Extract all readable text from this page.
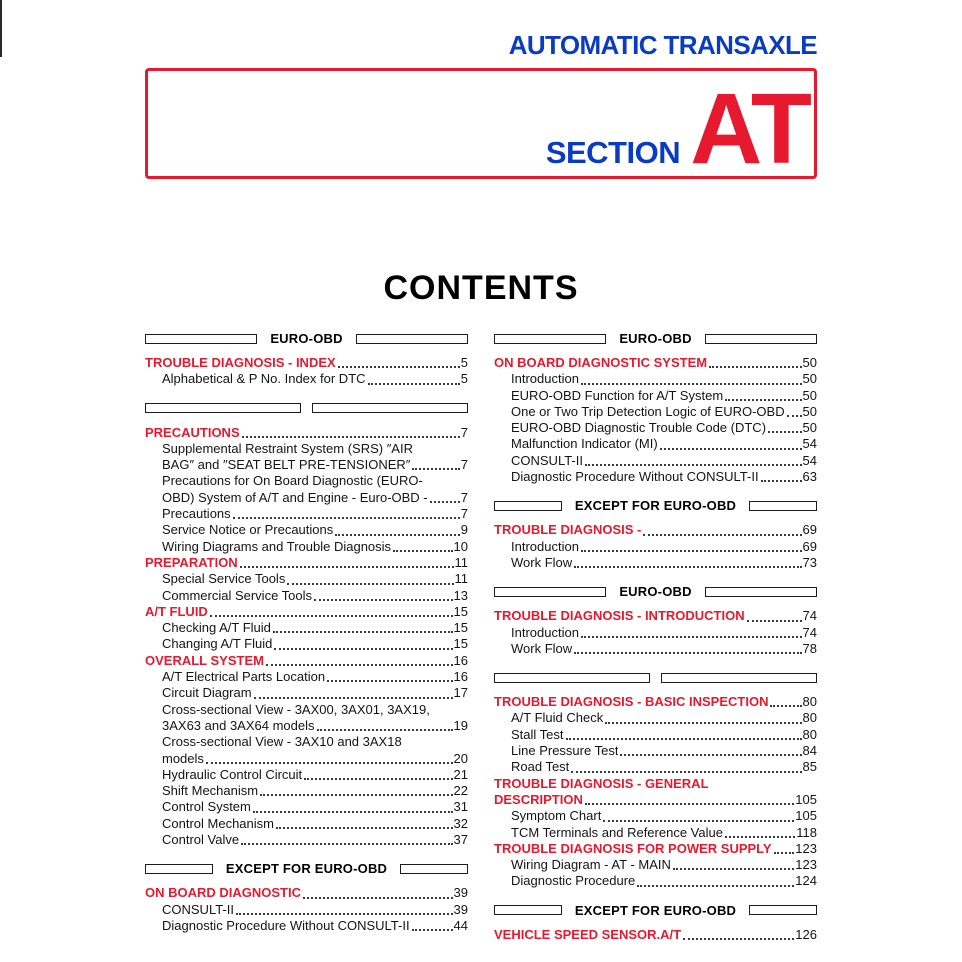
AUTOMATIC TRANSAXLE
SECTION AT
CONTENTS
EURO-OBD
TROUBLE DIAGNOSIS - INDEX	5
Alphabetical & P No. Index for DTC	5
PRECAUTIONS	7
Supplemental Restraint System (SRS) ″AIR
BAG″ and ″SEAT BELT PRE-TENSIONER″	7
Precautions for On Board Diagnostic (EURO-
OBD) System of A/T and Engine - Euro-OBD -	7
Precautions	7
Service Notice or Precautions	9
Wiring Diagrams and Trouble Diagnosis	10
PREPARATION	11
Special Service Tools	11
Commercial Service Tools	13
A/T FLUID	15
Checking A/T Fluid	15
Changing A/T Fluid	15
OVERALL SYSTEM	16
A/T Electrical Parts Location	16
Circuit Diagram	17
Cross-sectional View - 3AX00, 3AX01, 3AX19,
3AX63 and 3AX64 models	19
Cross-sectional View - 3AX10 and 3AX18
models	20
Hydraulic Control Circuit	21
Shift Mechanism	22
Control System	31
Control Mechanism	32
Control Valve	37
EXCEPT FOR EURO-OBD
ON BOARD DIAGNOSTIC	39
CONSULT-II	39
Diagnostic Procedure Without CONSULT-II	44
EURO-OBD
ON BOARD DIAGNOSTIC SYSTEM	50
Introduction	50
EURO-OBD Function for A/T System	50
One or Two Trip Detection Logic of EURO-OBD 50
EURO-OBD Diagnostic Trouble Code (DTC)	50
Malfunction Indicator (MI)	54
CONSULT-II	54
Diagnostic Procedure Without CONSULT-II	63
EXCEPT FOR EURO-OBD
TROUBLE DIAGNOSIS -	69
Introduction	69
Work Flow	73
EURO-OBD
TROUBLE DIAGNOSIS - INTRODUCTION	74
Introduction	74
Work Flow	78
TROUBLE DIAGNOSIS - BASIC INSPECTION	80
A/T Fluid Check	80
Stall Test	80
Line Pressure Test	84
Road Test	85
TROUBLE DIAGNOSIS - GENERAL
DESCRIPTION	105
Symptom Chart	105
TCM Terminals and Reference Value	118
TROUBLE DIAGNOSIS FOR POWER SUPPLY 123
Wiring Diagram - AT - MAIN	123
Diagnostic Procedure	124
EXCEPT FOR EURO-OBD
VEHICLE SPEED SENSOR.A/T	126
